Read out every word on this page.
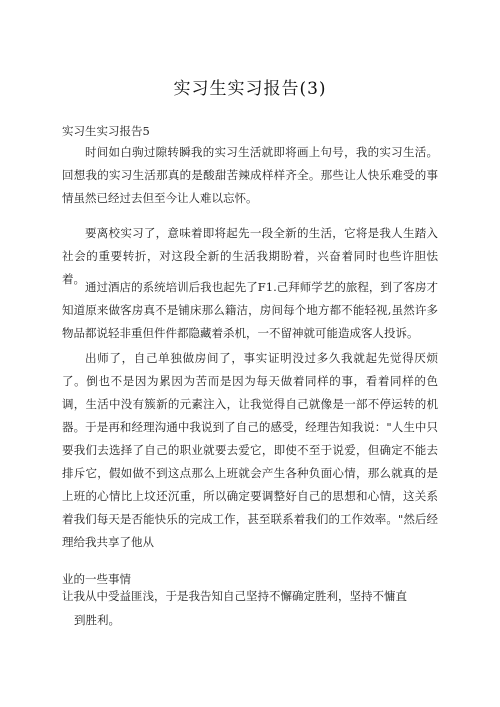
实习生实习报告(3)
实习生实习报告5

时间如白驹过隙转瞬我的实习生活就即将画上句号，我的实习生活。回想我的实习生活那真的是酸甜苦辣成样样齐全。那些让人快乐难受的事情虽然已经过去但至今让人难以忘怀。

要离校实习了，意味着即将起先一段全新的生活，它将是我人生踏入社会的重要转折，对这段全新的生活我期盼着，兴奋着同时也些许胆怯着。

通过酒店的系统培训后我也起先了F1.己拜师学艺的旅程，到了客房才知道原来做客房真不是铺床那么籍洁，房间每个地方都不能轻视,虽然许多物品都说轻非重但件件都隐藏着杀机，一不留神就可能造成客人投诉。

出师了，自己单独做房间了，事实证明没过多久我就起先觉得厌烦了。倒也不是因为累因为苦而是因为每天做着同样的事，看着同样的色调，生活中没有簇新的元素注入，让我觉得自己就像是一部不停运转的机器。于是再和经理沟通中我说到了自己的感受，经理告知我说："人生中只要我们去选择了自己的职业就要去爱它，即使不至于说爱，但确定不能去排斥它，假如做不到这点那么上班就会产生各种负面心情，那么就真的是上班的心情比上坟还沉重，所以确定要调整好自己的思想和心情，这关系着我们每天是否能快乐的完成工作，甚至联系着我们的工作效率。"然后经理给我共享了他从

业的一些事情

让我从中受益匪浅，于是我告知自己坚持不懈确定胜利，坚持不慵直

到胜利。
